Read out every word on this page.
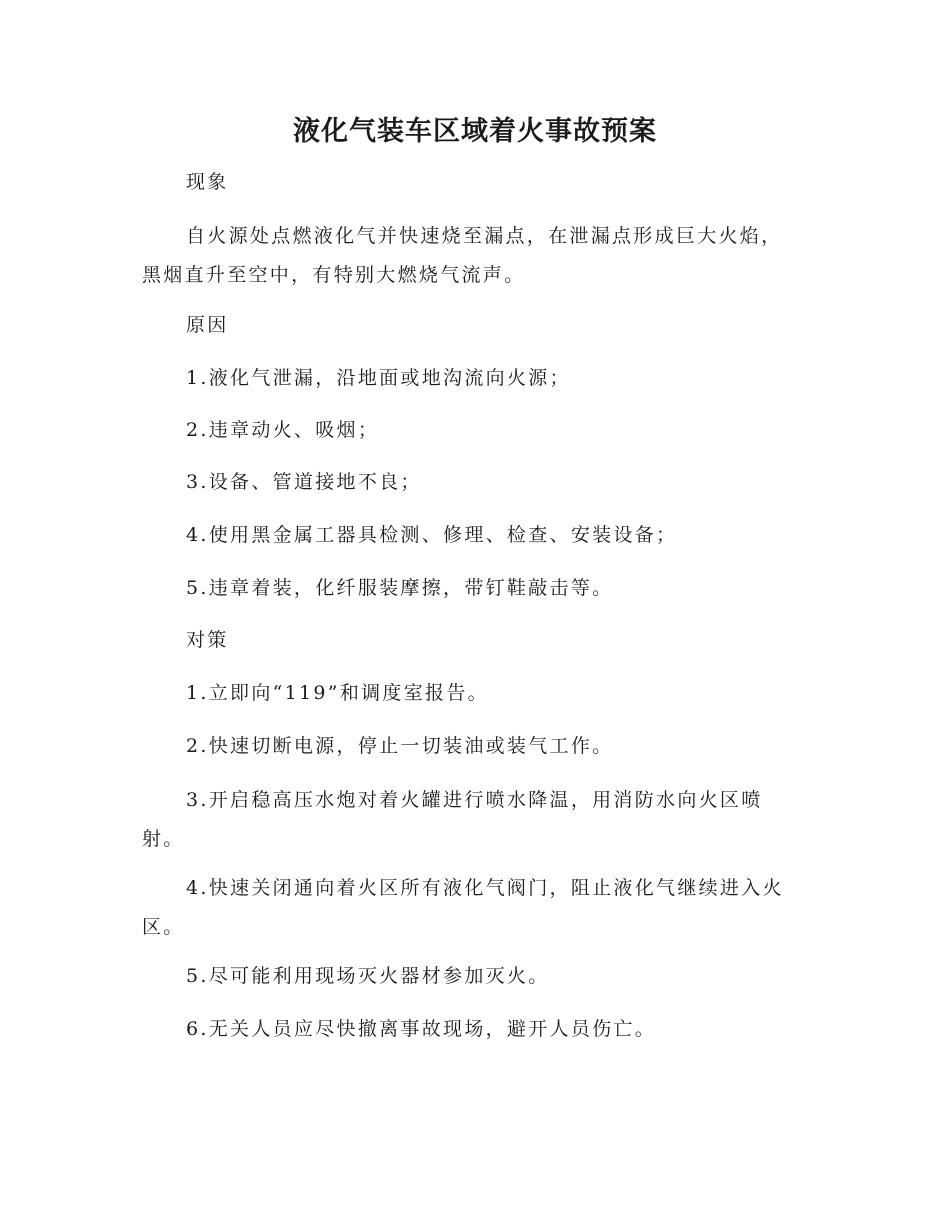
液化气装车区域着火事故预案
现象
自火源处点燃液化气并快速烧至漏点，在泄漏点形成巨大火焰，黑烟直升至空中，有特别大燃烧气流声。
原因
1.液化气泄漏，沿地面或地沟流向火源；
2.违章动火、吸烟；
3.设备、管道接地不良；
4.使用黑金属工器具检测、修理、检查、安装设备；
5.违章着装，化纤服装摩擦，带钉鞋敲击等。
对策
1.立即向“119”和调度室报告。
2.快速切断电源，停止一切装油或装气工作。
3.开启稳高压水炮对着火罐进行喷水降温，用消防水向火区喷射。
4.快速关闭通向着火区所有液化气阀门，阻止液化气继续进入火区。
5.尽可能利用现场灭火器材参加灭火。
6.无关人员应尽快撤离事故现场，避开人员伤亡。
